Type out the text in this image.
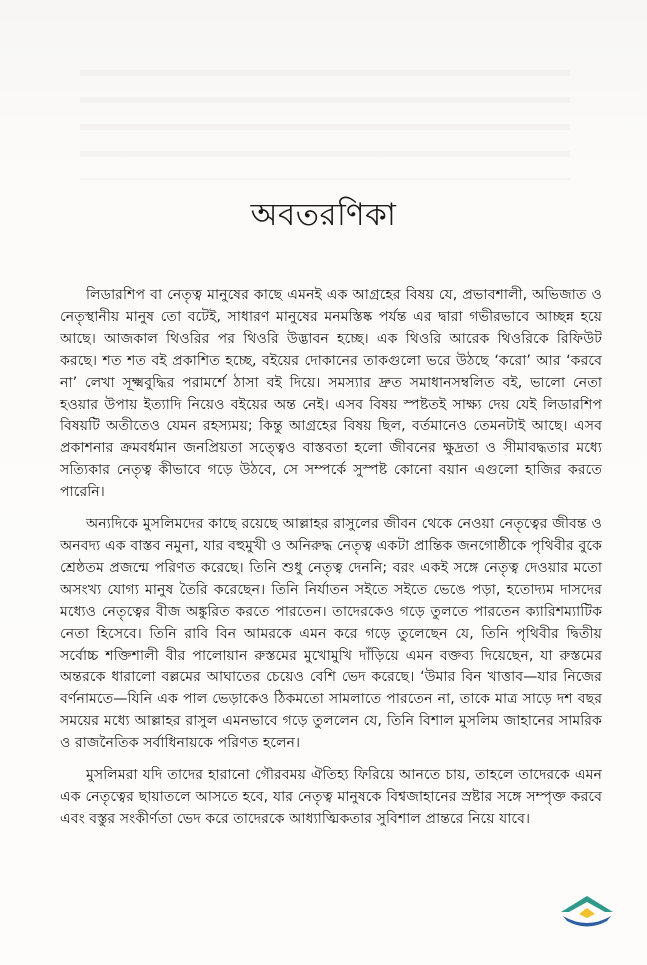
অবতরণিকা

লিডারশিপ বা নেতৃত্ব মানুষের কাছে এমনই এক আগ্রহের বিষয় যে, প্রভাবশালী, অভিজাত ও নেতৃস্থানীয় মানুষ তো বটেই, সাধারণ মানুষের মনমস্তিষ্ক পর্যন্ত এর দ্বারা গভীরভাবে আচ্ছন্ন হয়ে আছে। আজকাল থিওরির পর থিওরি উদ্ভাবন হচ্ছে। এক থিওরি আরেক থিওরিকে রিফিউট করছে। শত শত বই প্রকাশিত হচ্ছে, বইয়ের দোকানের তাকগুলো ভরে উঠছে ‘করো’ আর ‘করবে না’ লেখা সূক্ষ্মবুদ্ধির পরামর্শে ঠাসা বই দিয়ে। সমস্যার দ্রুত সমাধানসম্বলিত বই, ভালো নেতা হওয়ার উপায় ইত্যাদি নিয়েও বইয়ের অন্ত নেই। এসব বিষয় স্পষ্টতই সাক্ষ্য দেয় যেই লিডারশিপ বিষয়টি অতীতেও যেমন রহস্যময়; কিন্তু আগ্রহের বিষয় ছিল, বর্তমানেও তেমনটাই আছে। এসব প্রকাশনার ক্রমবর্ধমান জনপ্রিয়তা সত্ত্বেও বাস্তবতা হলো জীবনের ক্ষুদ্রতা ও সীমাবদ্ধতার মধ্যে সত্যিকার নেতৃত্ব কীভাবে গড়ে উঠবে, সে সম্পর্কে সুস্পষ্ট কোনো বয়ান এগুলো হাজির করতে পারেনি।

অন্যদিকে মুসলিমদের কাছে রয়েছে আল্লাহর রাসুলের জীবন থেকে নেওয়া নেতৃত্বের জীবন্ত ও অনবদ্য এক বাস্তব নমুনা, যার বহুমুখী ও অনিরুদ্ধ নেতৃত্ব একটা প্রান্তিক জনগোষ্ঠীকে পৃথিবীর বুকে শ্রেষ্ঠতম প্রজন্মে পরিণত করেছে। তিনি শুধু নেতৃত্ব দেননি; বরং একই সঙ্গে নেতৃত্ব দেওয়ার মতো অসংখ্য যোগ্য মানুষ তৈরি করেছেন। তিনি নির্যাতন সইতে সইতে ভেঙে পড়া, হতোদ্যম দাসদের মধ্যেও নেতৃত্বের বীজ অঙ্কুরিত করতে পারতেন। তাদেরকেও গড়ে তুলতে পারতেন ক্যারিশম্যাটিক নেতা হিসেবে। তিনি রাবি বিন আমরকে এমন করে গড়ে তুলেছেন যে, তিনি পৃথিবীর দ্বিতীয় সর্বোচ্চ শক্তিশালী বীর পালোয়ান রুস্তমের মুখোমুখি দাঁড়িয়ে এমন বক্তব্য দিয়েছেন, যা রুস্তমের অন্তরকে ধারালো বল্লমের আঘাতের চেয়েও বেশি ভেদ করেছে। ‘উমার বিন খাত্তাব—যার নিজের বর্ণনামতে—যিনি এক পাল ভেড়াকেও ঠিকমতো সামলাতে পারতেন না, তাকে মাত্র সাড়ে দশ বছর সময়ের মধ্যে আল্লাহর রাসুল এমনভাবে গড়ে তুললেন যে, তিনি বিশাল মুসলিম জাহানের সামরিক ও রাজনৈতিক সর্বাধিনায়কে পরিণত হলেন।

মুসলিমরা যদি তাদের হারানো গৌরবময় ঐতিহ্য ফিরিয়ে আনতে চায়, তাহলে তাদেরকে এমন এক নেতৃত্বের ছায়াতলে আসতে হবে, যার নেতৃত্ব মানুষকে বিশ্বজাহানের স্রষ্টার সঙ্গে সম্পৃক্ত করবে এবং বস্তুর সংকীর্ণতা ভেদ করে তাদেরকে আধ্যাত্মিকতার সুবিশাল প্রান্তরে নিয়ে যাবে।
